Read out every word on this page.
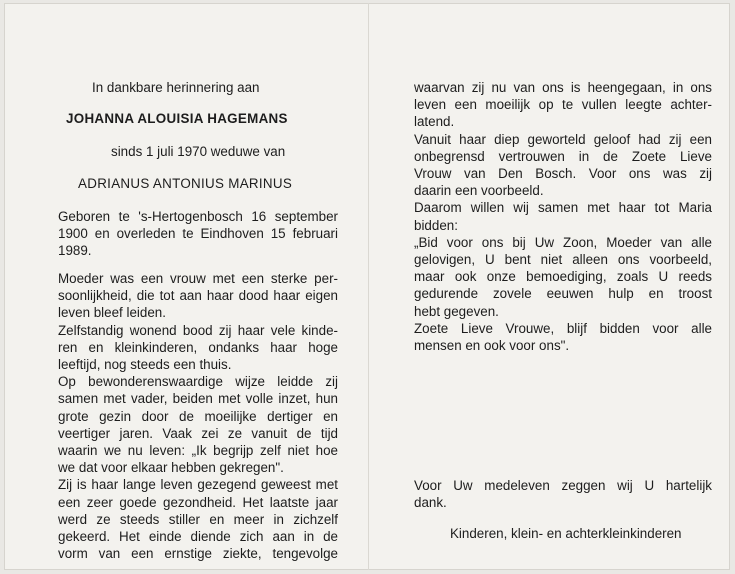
In dankbare herinnering aan
JOHANNA ALOUISIA HAGEMANS
sinds 1 juli 1970 weduwe van
ADRIANUS ANTONIUS MARINUS
Geboren te 's-Hertogenbosch 16 september
1900 en overleden te Eindhoven 15 februari
1989.
Moeder was een vrouw met een sterke per-
soonlijkheid, die tot aan haar dood haar eigen
leven bleef leiden.
Zelfstandig wonend bood zij haar vele kinde-
ren en kleinkinderen, ondanks haar hoge
leeftijd, nog steeds een thuis.
Op bewonderenswaardige wijze leidde zij
samen met vader, beiden met volle inzet, hun
grote gezin door de moeilijke dertiger en
veertiger jaren. Vaak zei ze vanuit de tijd
waarin we nu leven: „Ik begrijp zelf niet hoe
we dat voor elkaar hebben gekregen".
Zij is haar lange leven gezegend geweest met
een zeer goede gezondheid. Het laatste jaar
werd ze steeds stiller en meer in zichzelf
gekeerd. Het einde diende zich aan in de
vorm van een ernstige ziekte, tengevolge
waarvan zij nu van ons is heengegaan, in ons
leven een moeilijk op te vullen leegte achter-
latend.
Vanuit haar diep geworteld geloof had zij een
onbegrensd vertrouwen in de Zoete Lieve
Vrouw van Den Bosch. Voor ons was zij
daarin een voorbeeld.
Daarom willen wij samen met haar tot Maria
bidden:
„Bid voor ons bij Uw Zoon, Moeder van alle
gelovigen, U bent niet alleen ons voorbeeld,
maar ook onze bemoediging, zoals U reeds
gedurende zovele eeuwen hulp en troost
hebt gegeven.
Zoete Lieve Vrouwe, blijf bidden voor alle
mensen en ook voor ons".
Voor Uw medeleven zeggen wij U hartelijk
dank.
Kinderen, klein- en achterkleinkinderen
